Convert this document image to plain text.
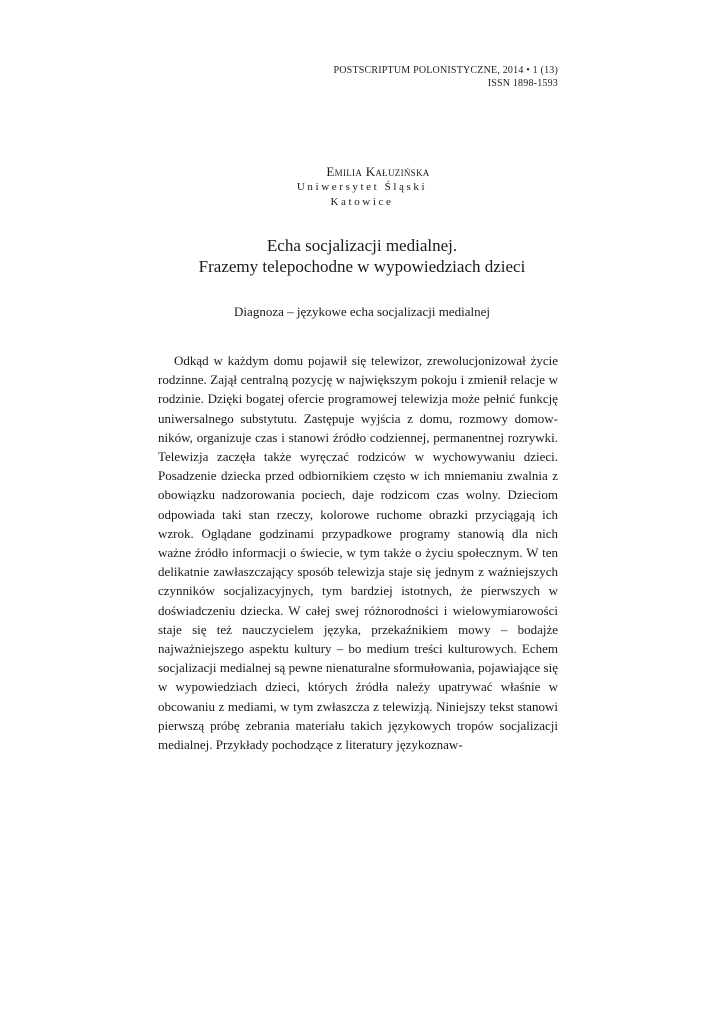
POSTSCRIPTUM POLONISTYCZNE, 2014 • 1 (13)
ISSN 1898-1593
Emilia Kałuzińska
Uniwersytet Śląski
Katowice
Echa socjalizacji medialnej.
Frazemy telepochodne w wypowiedziach dzieci
Diagnoza – językowe echa socjalizacji medialnej

Odkąd w każdym domu pojawił się telewizor, zrewolucjonizował życie rodzinne. Zajął centralną pozycję w największym pokoju i zmienił relacje w rodzinie. Dzięki bogatej ofercie programowej telewizja może pełnić funkcję uniwersalnego substytutu. Zastępuje wyjścia z domu, rozmowy domowników, organizuje czas i stanowi źródło codziennej, permanentnej rozrywki. Telewizja zaczęła także wyręczać rodziców w wychowywaniu dzieci. Posadzenie dziecka przed odbiornikiem często w ich mniemaniu zwalnia z obowiązku nadzorowania pociech, daje rodzicom czas wolny. Dzieciom odpowiada taki stan rzeczy, kolorowe ruchome obrazki przyciągają ich wzrok. Oglądane godzinami przypadkowe programy stanowią dla nich ważne źródło informacji o świecie, w tym także o życiu społecznym. W ten delikatnie zawłaszczający sposób telewizja staje się jednym z ważniejszych czynników socjalizacyjnych, tym bardziej istotnych, że pierwszych w doświadczeniu dziecka. W całej swej różnorodności i wielowymiarowości staje się też nauczycielem języka, przekaźnikiem mowy – bodajże najważniejszego aspektu kultury – bo medium treści kulturowych. Echem socjalizacji medialnej są pewne nienaturalne sformułowania, pojawiające się w wypowiedziach dzieci, których źródła należy upatrywać właśnie w obcowaniu z mediami, w tym zwłaszcza z telewizją. Niniejszy tekst stanowi pierwszą próbę zebrania materiału takich językowych tropów socjalizacji medialnej. Przykłady pochodzące z literatury językoznaw-
